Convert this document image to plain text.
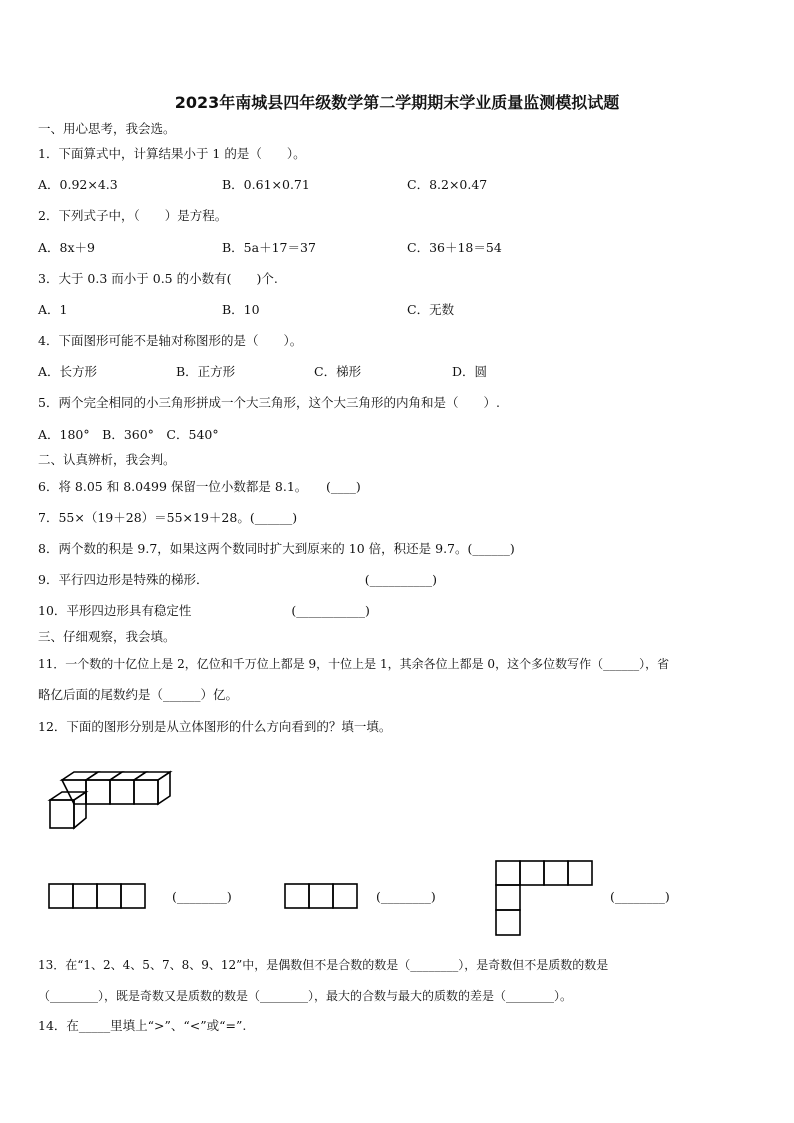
2023年南城县四年级数学第二学期期末学业质量监测模拟试题
一、用心思考，我会选。
1．下面算式中，计算结果小于 1 的是（　　）。
A．0.92×4.3	B．0.61×0.71	C．8.2×0.47
2．下列式子中，（　　）是方程。
A．8x＋9	B．5a＋17＝37	C．36＋18＝54
3．大于 0.3 而小于 0.5 的小数有(　　)个.
A．1	B．10	C．无数
4．下面图形可能不是轴对称图形的是（　　）。
A．长方形	B．正方形	C．梯形	D．圆
5．两个完全相同的小三角形拼成一个大三角形，这个大三角形的内角和是（　　）.
A．180°　B．360°　C．540°
二、认真辨析，我会判。
6．将 8.05 和 8.0499 保留一位小数都是 8.1。　　(____)
7．55×（19＋28）＝55×19＋28。(______)
8．两个数的积是 9.7，如果这两个数同时扩大到原来的 10 倍，积还是 9.7。(______)
9．平行四边形是特殊的梯形．　　　　　　　　　　　　　(__________)
10．平形四边形具有稳定性　　　　　　　　(___________)
三、仔细观察，我会填。
11．一个数的十亿位上是 2，亿位和千万位上都是 9，十位上是 1，其余各位上都是 0，这个多位数写作（______），省
略亿后面的尾数约是（______）亿。
12．下面的图形分别是从立体图形的什么方向看到的？填一填。
(________)	(________)	(________)
13．在“1、2、4、5、7、8、9、12”中，是偶数但不是合数的数是（________），是奇数但不是质数的数是
（________），既是奇数又是质数的数是（________），最大的合数与最大的质数的差是（________）。
14．在_____里填上“>”、“<”或“=”.
